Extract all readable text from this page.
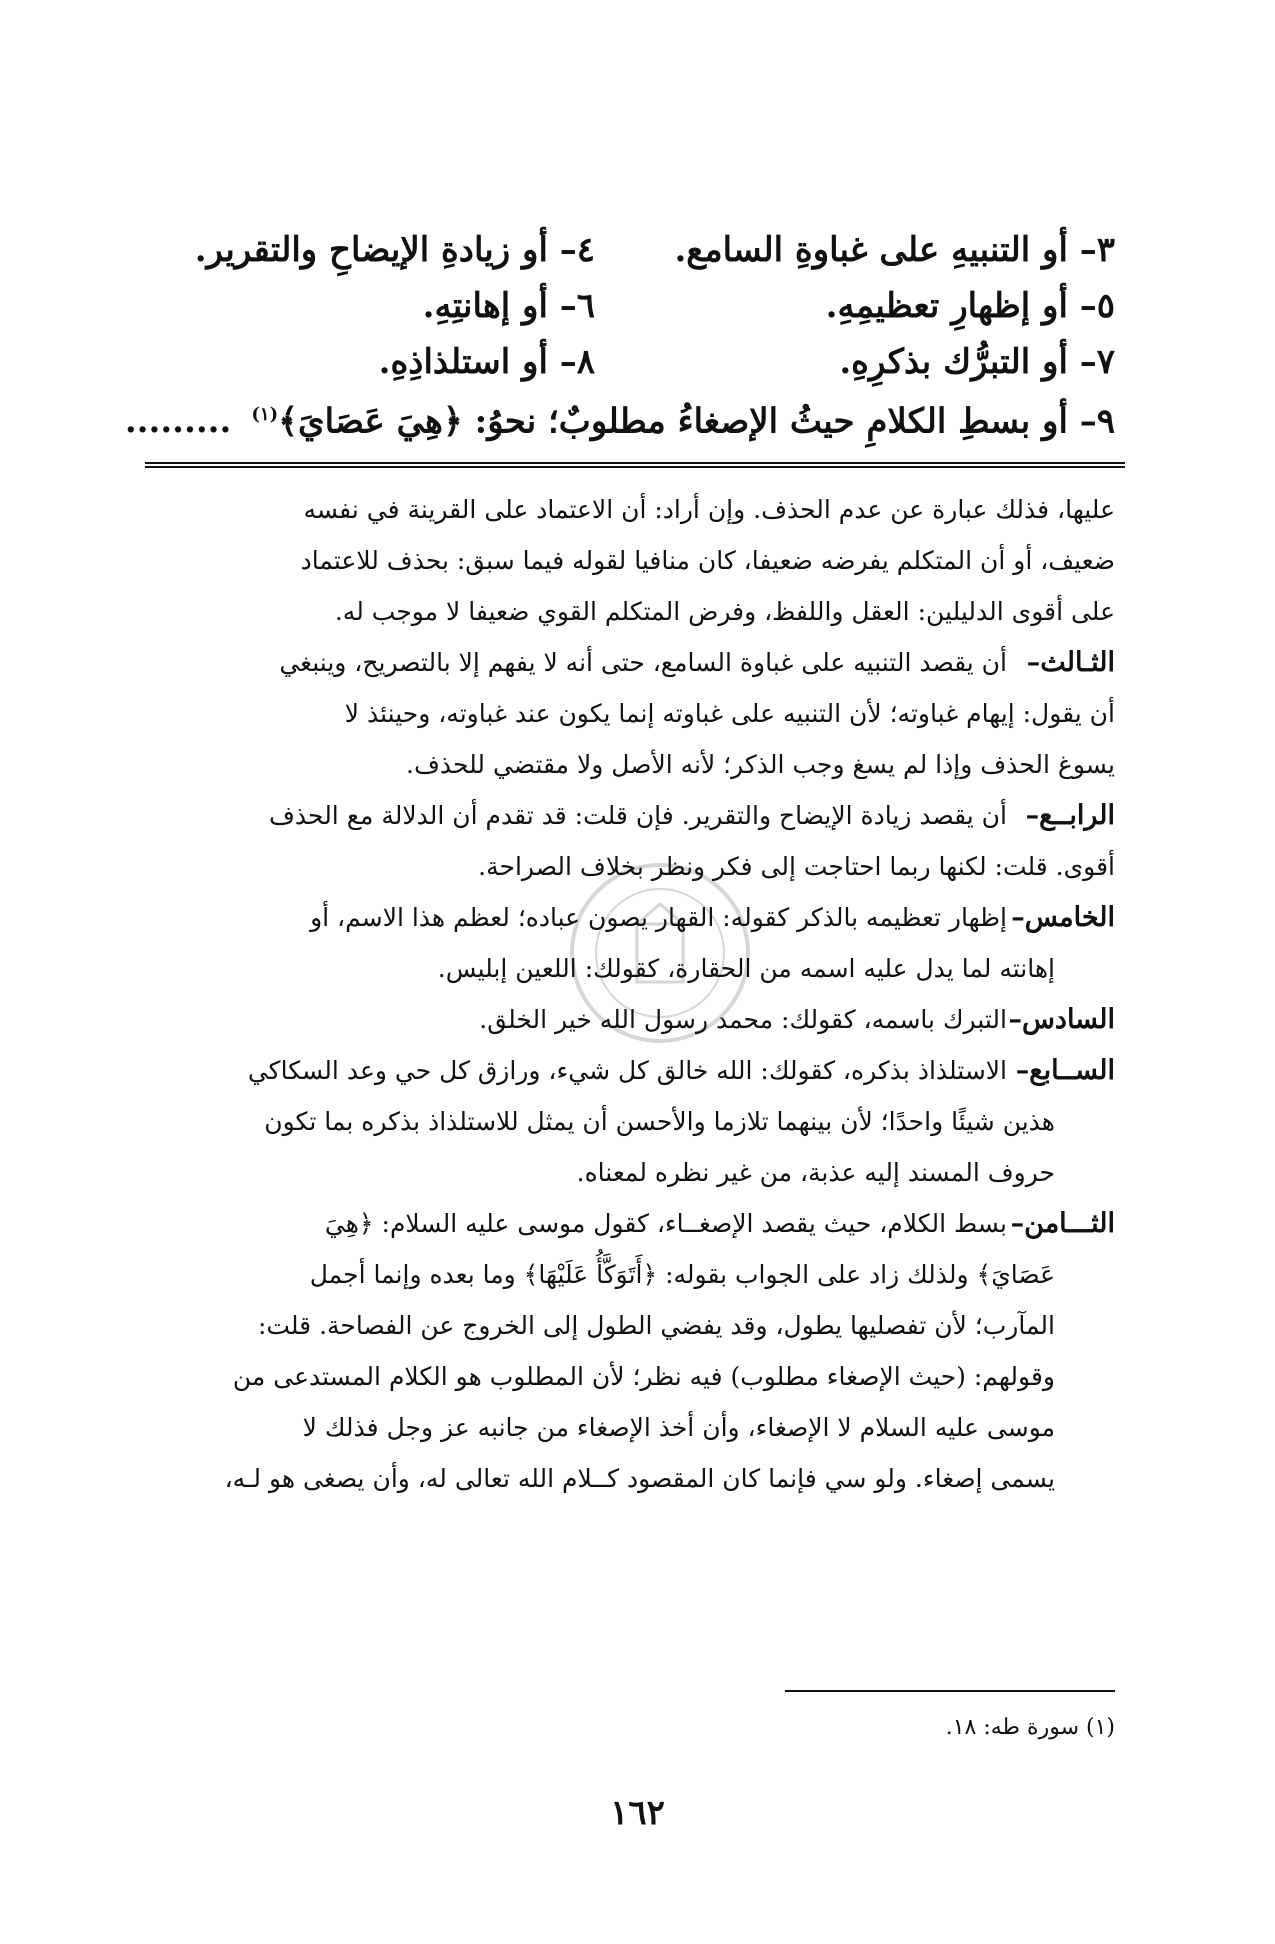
٣– أو التنبيهِ على غباوةِ السامع.
٤– أو زيادةِ الإيضاحِ والتقرير.
٥– أو إظهارِ تعظيمِهِ.
٦– أو إهانتِهِ.
٧– أو التبرُّك بذكرِهِ.
٨– أو استلذاذِهِ.
٩– أو بسطِ الكلامِ حيثُ الإصغاءُ مطلوبٌ؛ نحوُ: ﴿هِيَ عَصَايَ﴾$^{(١)}$.........
عليها، فذلك عبارة عن عدم الحذف. وإن أراد: أن الاعتماد على القرينة في نفسه
ضعيف، أو أن المتكلم يفرضه ضعيفا، كان منافيا لقوله فيما سبق: بحذف للاعتماد
على أقوى الدليلين: العقل واللفظ، وفرض المتكلم القوي ضعيفا لا موجب له.
الثـالث–
أن يقصد التنبيه على غباوة السامع، حتى أنه لا يفهم إلا بالتصريح، وينبغي
أن يقول: إيهام غباوته؛ لأن التنبيه على غباوته إنما يكون عند غباوته، وحينئذ لا
يسوغ الحذف وإذا لم يسغ وجب الذكر؛ لأنه الأصل ولا مقتضي للحذف.
الرابــع–
أن يقصد زيادة الإيضاح والتقرير. فإن قلت: قد تقدم أن الدلالة مع الحذف
أقوى. قلت: لكنها ربما احتاجت إلى فكر ونظر بخلاف الصراحة.
الخامس–
إظهار تعظيمه بالذكر كقوله: القهار يصون عباده؛ لعظم هذا الاسم، أو
إهانته لما يدل عليه اسمه من الحقارة، كقولك: اللعين إبليس.
السادس–
التبرك باسمه، كقولك: محمد رسول الله خير الخلق.
الســابع–
الاستلذاذ بذكره، كقولك: الله خالق كل شيء، ورازق كل حي وعد السكاكي
هذين شيئًا واحدًا؛ لأن بينهما تلازما والأحسن أن يمثل للاستلذاذ بذكره بما تكون
حروف المسند إليه عذبة، من غير نظره لمعناه.
الثـــامن–
بسط الكلام، حيث يقصد الإصغــاء، كقول موسى عليه السلام: ﴿هِيَ
عَصَايَ﴾ ولذلك زاد على الجواب بقوله: ﴿أَتَوَكَّأُ عَلَيْهَا﴾ وما بعده وإنما أجمل
المآرب؛ لأن تفصليها يطول، وقد يفضي الطول إلى الخروج عن الفصاحة. قلت:
وقولهم: (حيث الإصغاء مطلوب) فيه نظر؛ لأن المطلوب هو الكلام المستدعى من
موسى عليه السلام لا الإصغاء، وأن أخذ الإصغاء من جانبه عز وجل فذلك لا
يسمى إصغاء. ولو سي فإنما كان المقصود كــلام الله تعالى له، وأن يصغى هو لـه،
(١) سورة طه: ١٨.
١٦٢
